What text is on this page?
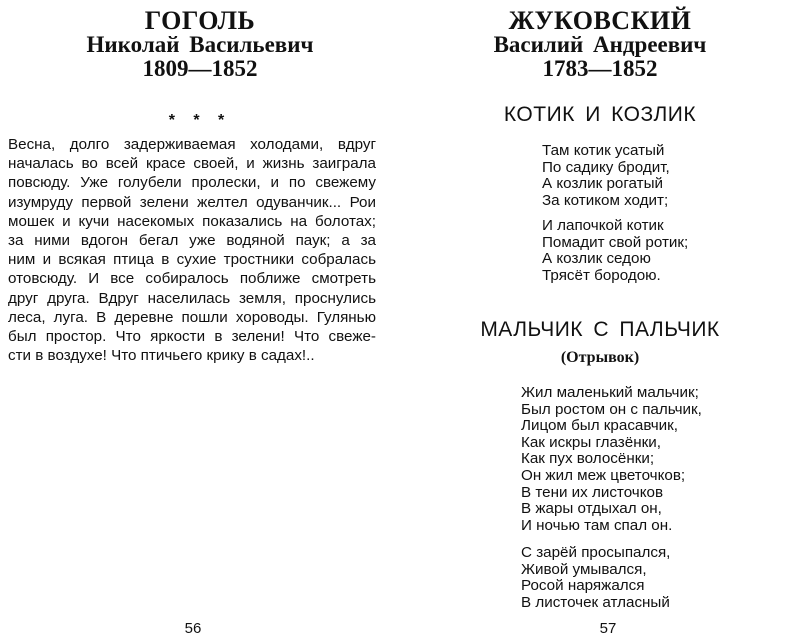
ГОГОЛЬ
Николай Васильевич
1809—1852
* * *
Весна, долго задерживаемая холодами, вдруг
началась во всей красе своей, и жизнь заиграла
повсюду. Уже голубели пролески, и по свежему
изумруду первой зелени желтел одуванчик... Рои
мошек и кучи насекомых показались на болотах;
за ними вдогон бегал уже водяной паук; а за
ним и всякая птица в сухие тростники собралась
отовсюду. И все собиралось поближе смотреть
друг друга. Вдруг населилась земля, проснулись
леса, луга. В деревне пошли хороводы. Гулянью
был простор. Что яркости в зелени! Что свеже-
сти в воздухе! Что птичьего крику в садах!..
56
ЖУКОВСКИЙ
Василий Андреевич
1783—1852
КОТИК И КОЗЛИК
Там котик усатый
По садику бродит,
А козлик рогатый
За котиком ходит;
И лапочкой котик
Помадит свой ротик;
А козлик седою
Трясёт бородою.
МАЛЬЧИК С ПАЛЬЧИК
(Отрывок)
Жил маленький мальчик;
Был ростом он с пальчик,
Лицом был красавчик,
Как искры глазёнки,
Как пух волосёнки;
Он жил меж цветочков;
В тени их листочков
В жары отдыхал он,
И ночью там спал он.
С зарёй просыпался,
Живой умывался,
Росой наряжался
В листочек атласный
57
